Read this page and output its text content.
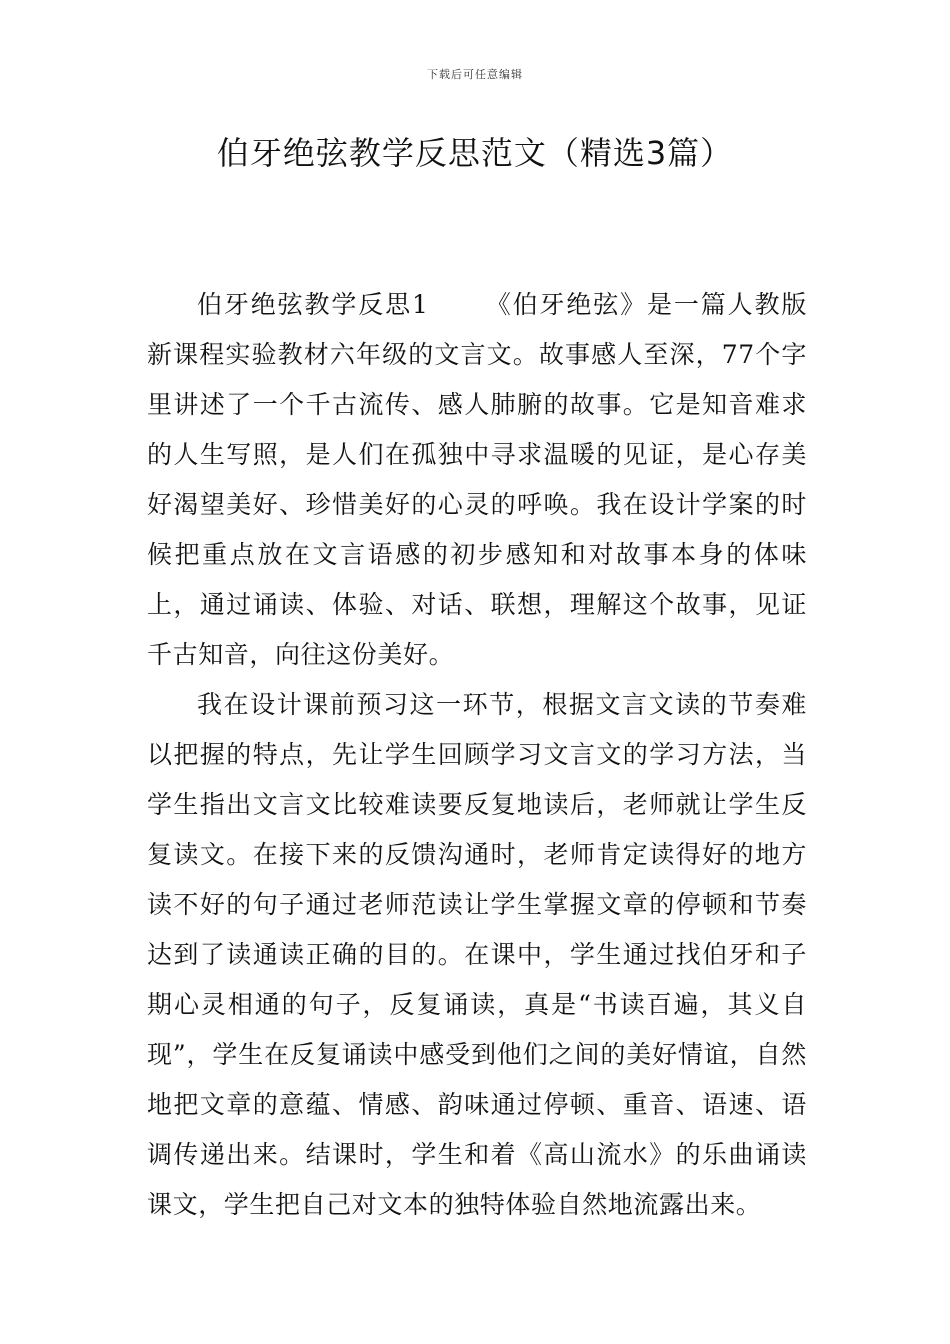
下载后可任意编辑
伯牙绝弦教学反思范文（精选3篇）

伯牙绝弦教学反思1 《伯牙绝弦》是一篇人教版新课程实验教材六年级的文言文。故事感人至深，77个字里讲述了一个千古流传、感人肺腑的故事。它是知音难求的人生写照，是人们在孤独中寻求温暖的见证，是心存美好渴望美好、珍惜美好的心灵的呼唤。我在设计学案的时候把重点放在文言语感的初步感知和对故事本身的体味上，通过诵读、体验、对话、联想，理解这个故事，见证千古知音，向往这份美好。

我在设计课前预习这一环节，根据文言文读的节奏难以把握的特点，先让学生回顾学习文言文的学习方法，当学生指出文言文比较难读要反复地读后，老师就让学生反复读文。在接下来的反馈沟通时，老师肯定读得好的地方读不好的句子通过老师范读让学生掌握文章的停顿和节奏达到了读通读正确的目的。在课中，学生通过找伯牙和子期心灵相通的句子，反复诵读，真是“书读百遍，其义自现”，学生在反复诵读中感受到他们之间的美好情谊，自然地把文章的意蕴、情感、韵味通过停顿、重音、语速、语调传递出来。结课时，学生和着《高山流水》的乐曲诵读课文，学生把自己对文本的独特体验自然地流露出来。
